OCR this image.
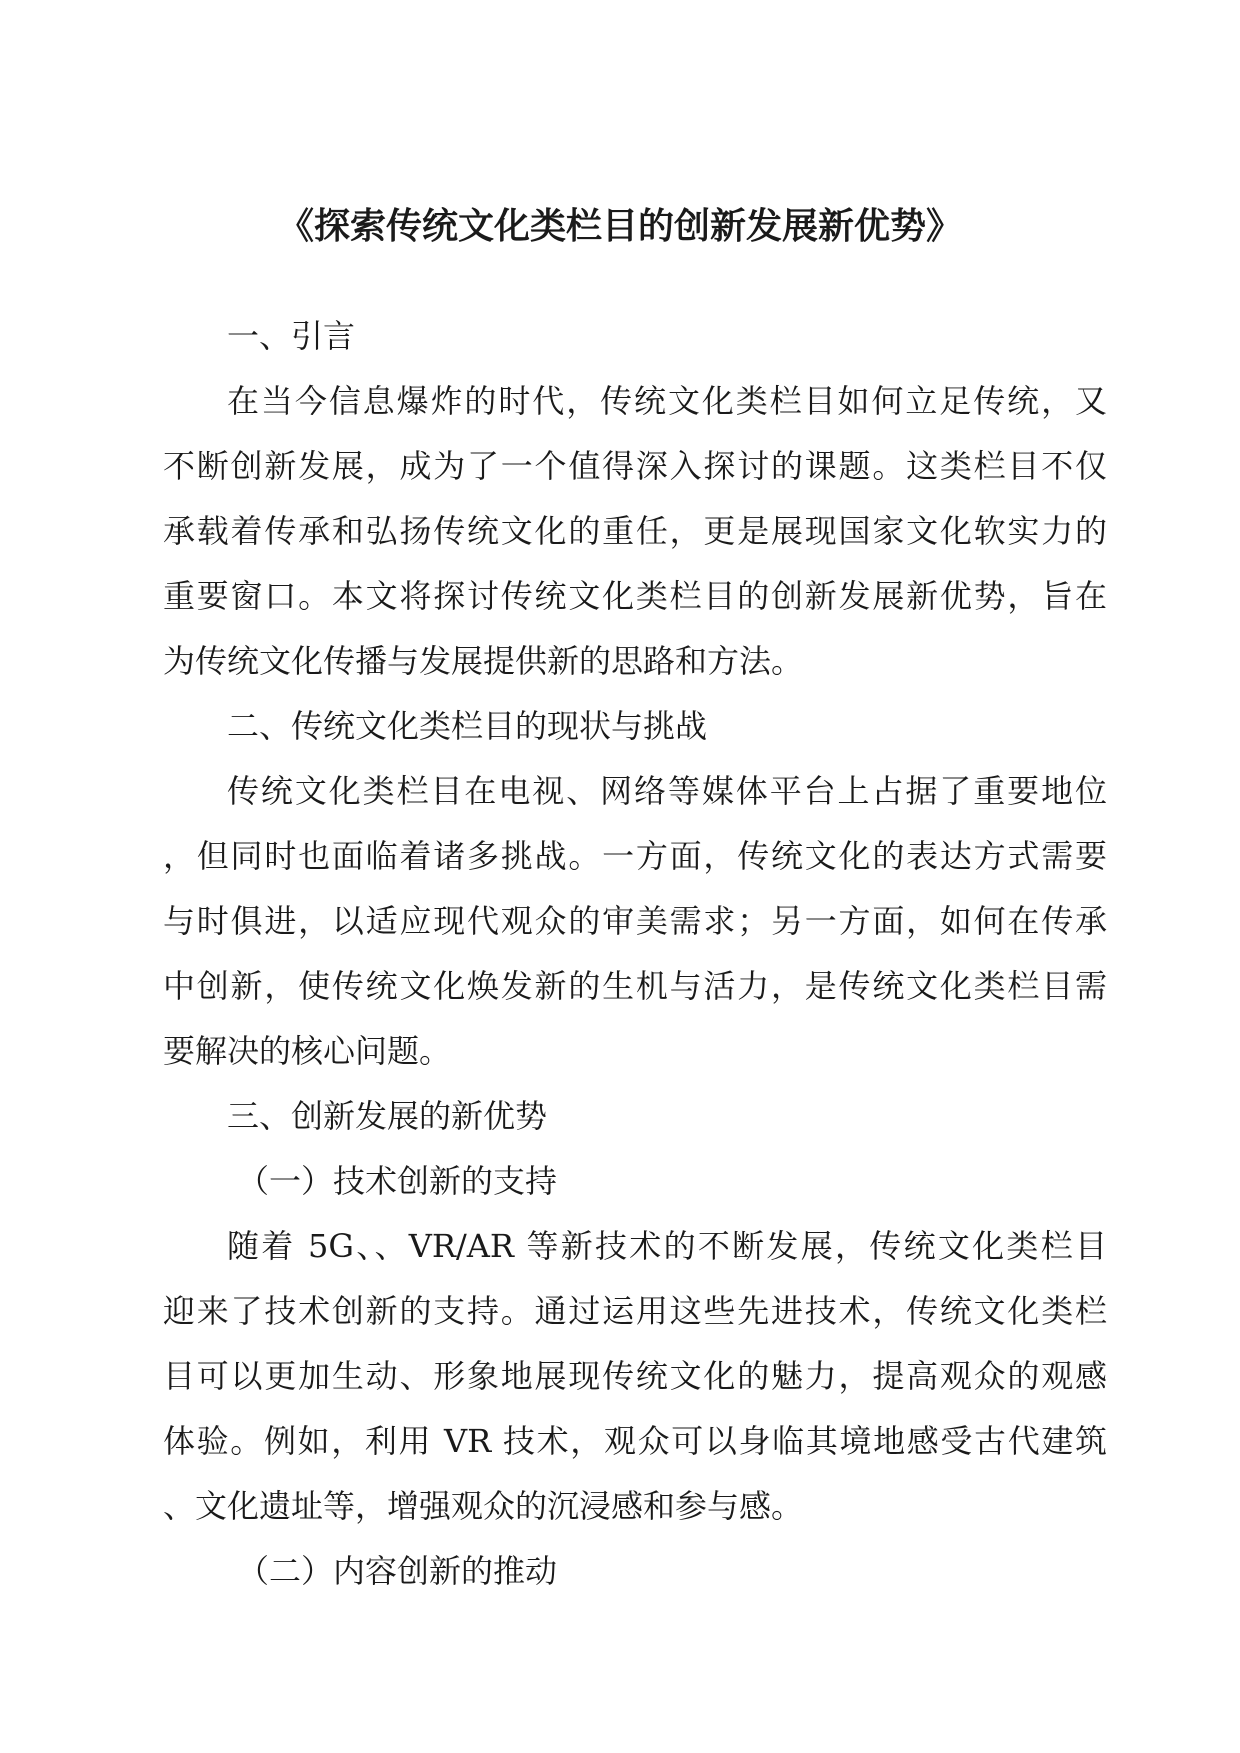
《探索传统文化类栏目的创新发展新优势》
一、引言
在当今信息爆炸的时代，传统文化类栏目如何立足传统，又
不断创新发展，成为了一个值得深入探讨的课题。这类栏目不仅
承载着传承和弘扬传统文化的重任，更是展现国家文化软实力的
重要窗口。本文将探讨传统文化类栏目的创新发展新优势，旨在
为传统文化传播与发展提供新的思路和方法。
二、传统文化类栏目的现状与挑战
传统文化类栏目在电视、网络等媒体平台上占据了重要地位
，但同时也面临着诸多挑战。一方面，传统文化的表达方式需要
与时俱进，以适应现代观众的审美需求；另一方面，如何在传承
中创新，使传统文化焕发新的生机与活力，是传统文化类栏目需
要解决的核心问题。
三、创新发展的新优势
（一）技术创新的支持
随着 5G、、VR/AR 等新技术的不断发展，传统文化类栏目
迎来了技术创新的支持。通过运用这些先进技术，传统文化类栏
目可以更加生动、形象地展现传统文化的魅力，提高观众的观感
体验。例如，利用 VR 技术，观众可以身临其境地感受古代建筑
、文化遗址等，增强观众的沉浸感和参与感。
（二）内容创新的推动
